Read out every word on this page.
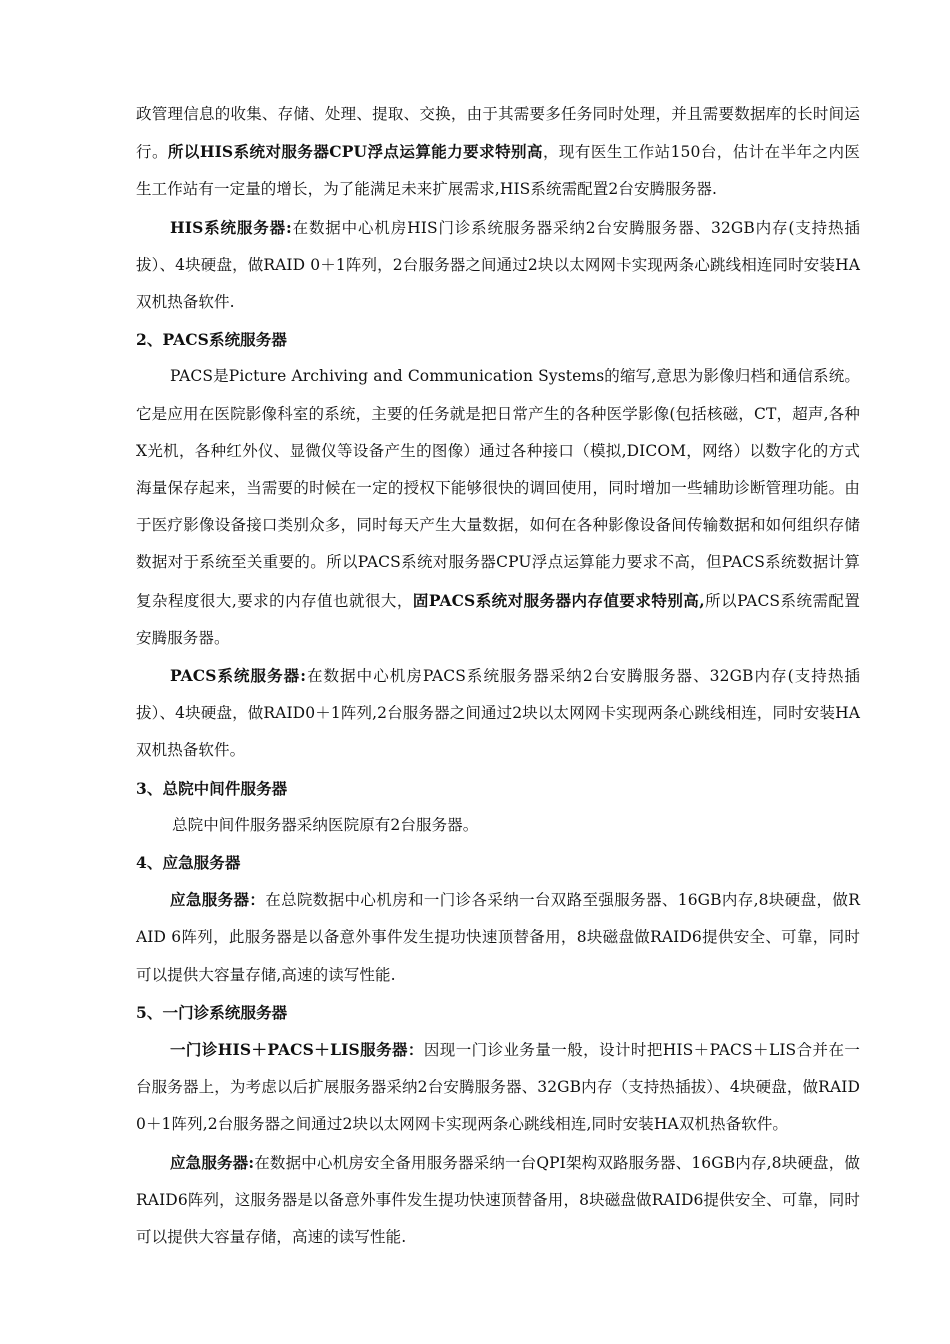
政管理信息的收集、存储、处理、提取、交换，由于其需要多任务同时处理，并且需要数据库的长时间运行。所以HIS系统对服务器CPU浮点运算能力要求特别高，现有医生工作站150台，估计在半年之内医生工作站有一定量的增长，为了能满足未来扩展需求,HIS系统需配置2台安腾服务器.

HIS系统服务器:在数据中心机房HIS门诊系统服务器采纳2台安腾服务器、32GB内存(支持热插拔）、4块硬盘，做RAID 0＋1阵列，2台服务器之间通过2块以太网网卡实现两条心跳线相连同时安装HA双机热备软件.

2、PACS系统服务器

PACS是Picture Archiving and Communication Systems的缩写,意思为影像归档和通信系统。它是应用在医院影像科室的系统，主要的任务就是把日常产生的各种医学影像(包括核磁，CT，超声,各种X光机，各种红外仪、显微仪等设备产生的图像）通过各种接口（模拟,DICOM，网络）以数字化的方式海量保存起来，当需要的时候在一定的授权下能够很快的调回使用，同时增加一些辅助诊断管理功能。由于医疗影像设备接口类别众多，同时每天产生大量数据，如何在各种影像设备间传输数据和如何组织存储数据对于系统至关重要的。所以PACS系统对服务器CPU浮点运算能力要求不高，但PACS系统数据计算复杂程度很大,要求的内存值也就很大，固PACS系统对服务器内存值要求特别高,所以PACS系统需配置安腾服务器。

PACS系统服务器:在数据中心机房PACS系统服务器采纳2台安腾服务器、32GB内存(支持热插拔）、4块硬盘，做RAID0＋1阵列,2台服务器之间通过2块以太网网卡实现两条心跳线相连，同时安装HA双机热备软件。

3、总院中间件服务器

总院中间件服务器采纳医院原有2台服务器。

4、应急服务器

应急服务器：在总院数据中心机房和一门诊各采纳一台双路至强服务器、16GB内存,8块硬盘，做RAID 6阵列，此服务器是以备意外事件发生提功快速顶替备用，8块磁盘做RAID6提供安全、可靠，同时可以提供大容量存储,高速的读写性能.

5、一门诊系统服务器

一门诊HIS＋PACS＋LIS服务器：因现一门诊业务量一般，设计时把HIS＋PACS＋LIS合并在一台服务器上，为考虑以后扩展服务器采纳2台安腾服务器、32GB内存（支持热插拔）、4块硬盘，做RAID 0＋1阵列,2台服务器之间通过2块以太网网卡实现两条心跳线相连,同时安装HA双机热备软件。

应急服务器:在数据中心机房安全备用服务器采纳一台QPI架构双路服务器、16GB内存,8块硬盘，做RAID6阵列，这服务器是以备意外事件发生提功快速顶替备用，8块磁盘做RAID6提供安全、可靠，同时可以提供大容量存储，高速的读写性能.
